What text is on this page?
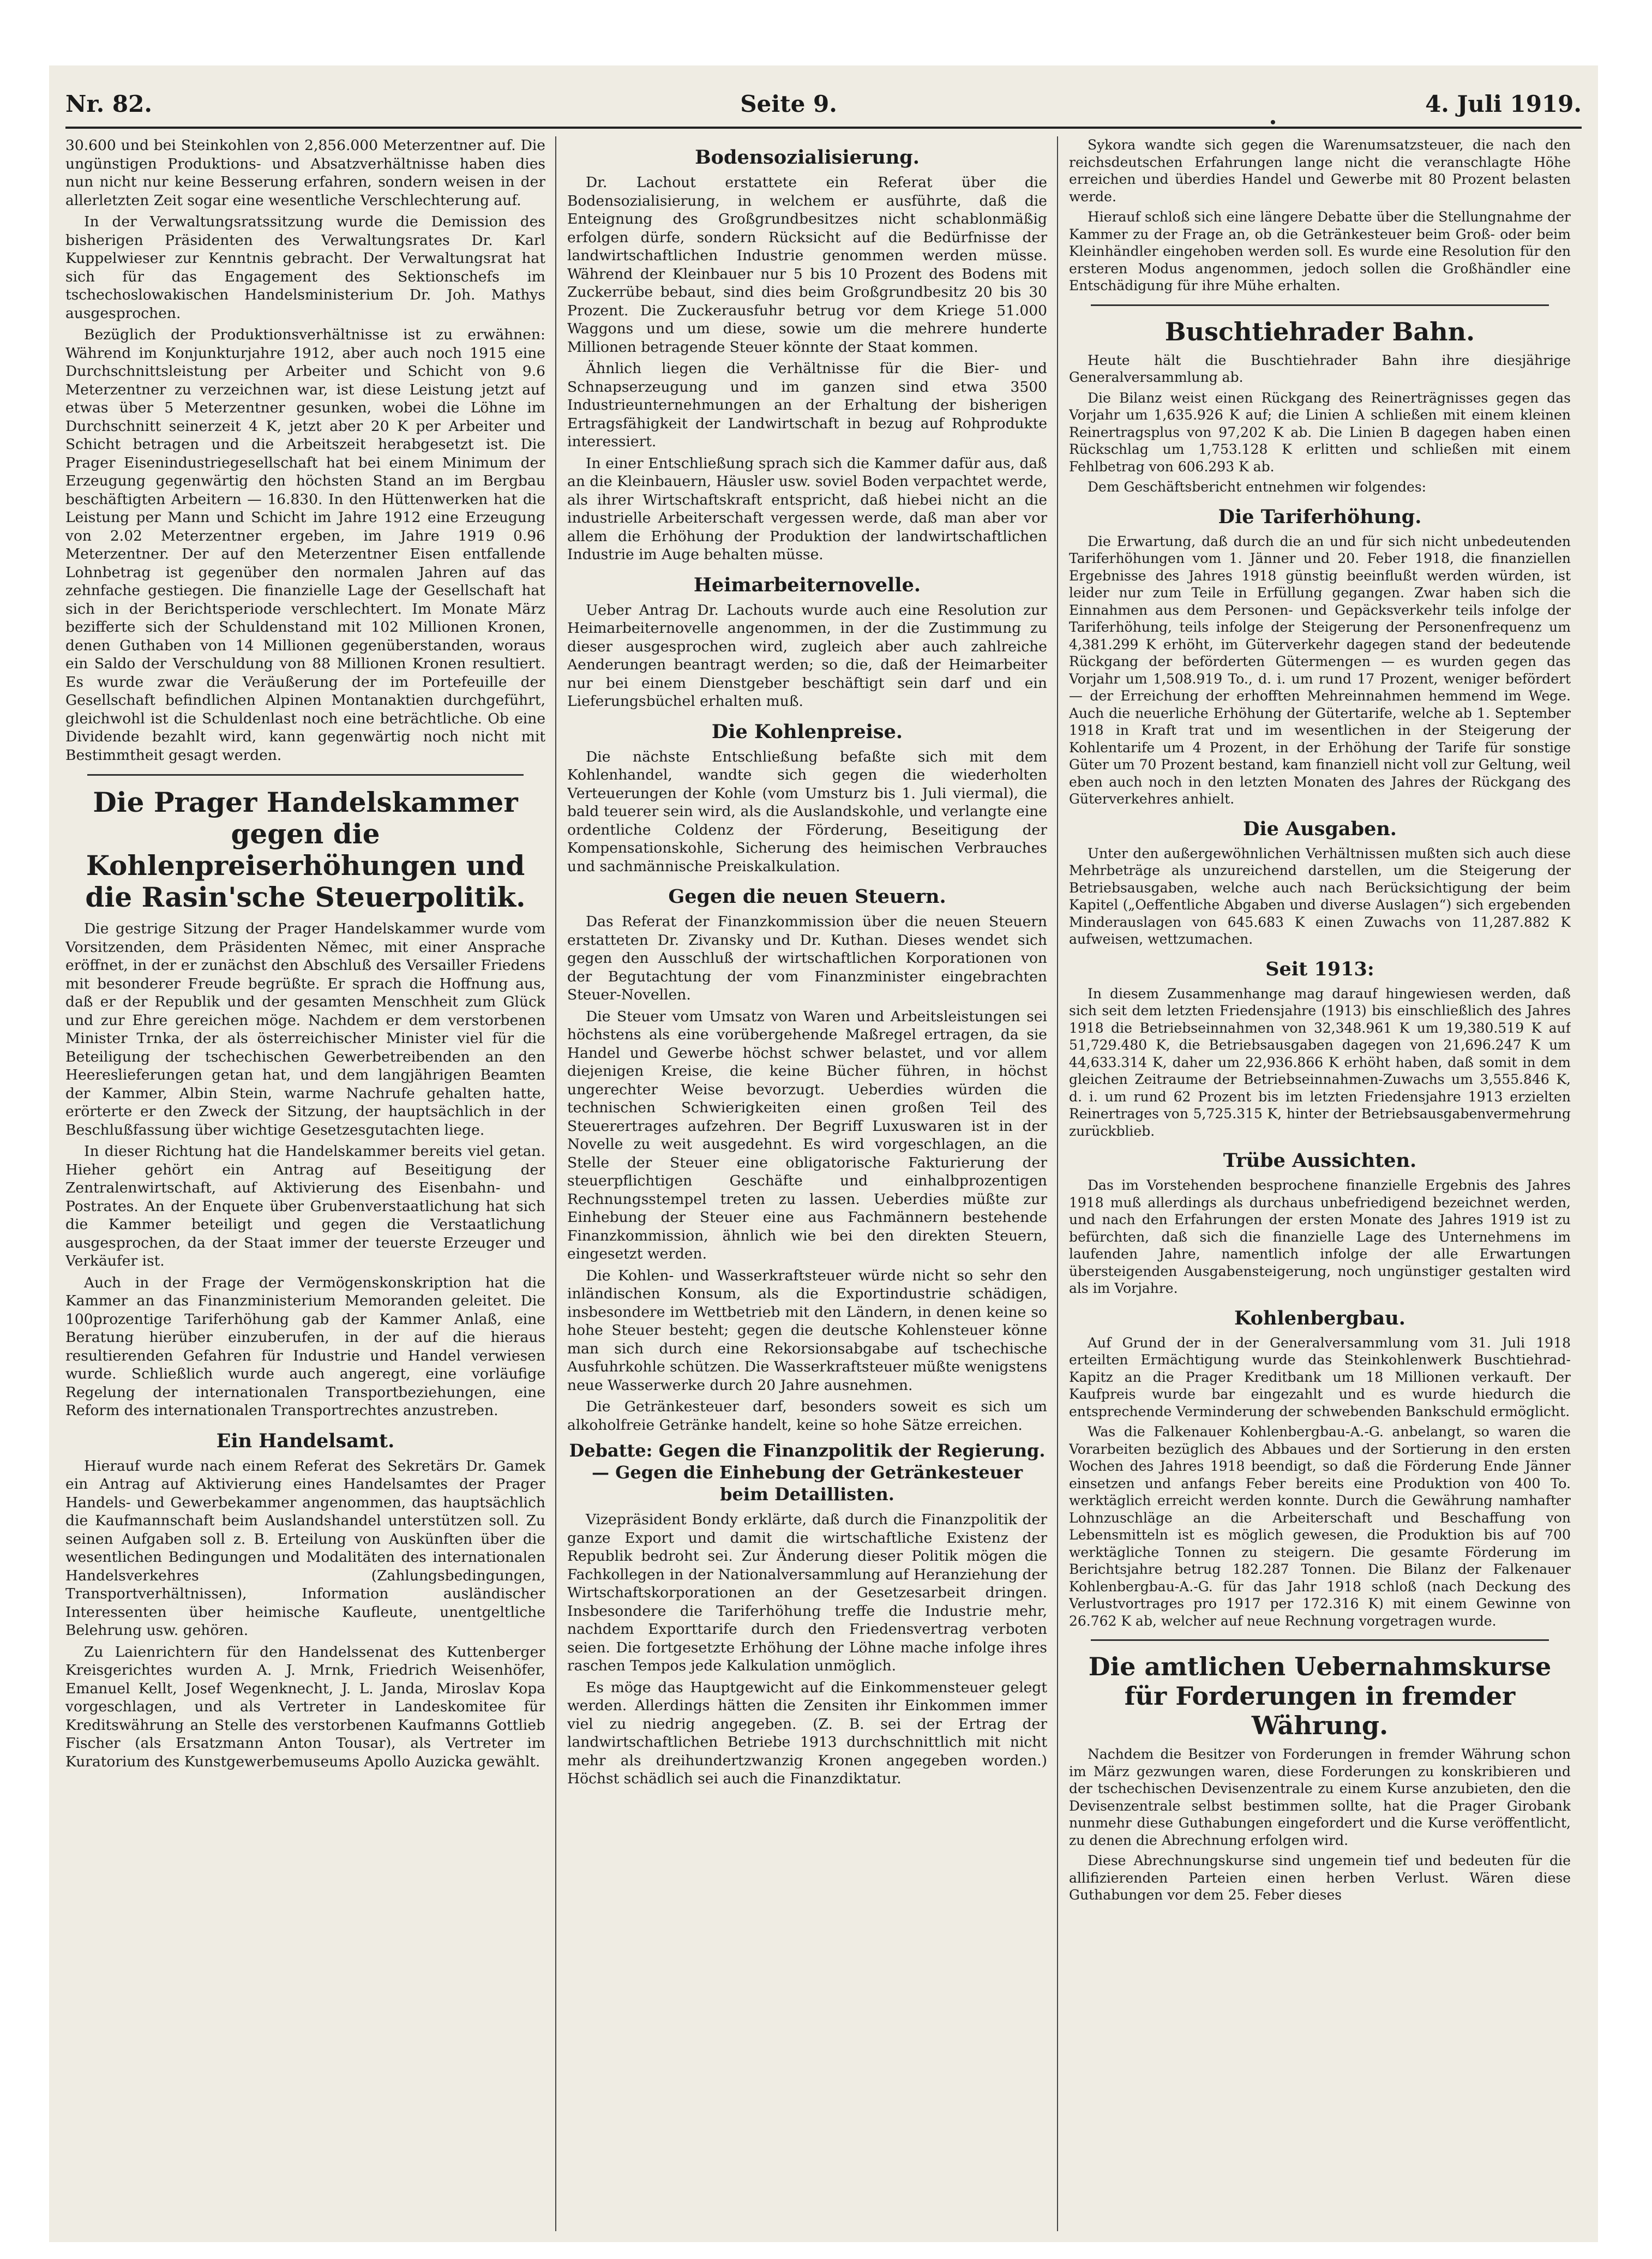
Nr. 82.	Seite 9.	4. Juli 1919.

30.600 und bei Steinkohlen von 2,856.000 Meterzentner auf. Die ungünstigen Produktions- und Absatzverhältnisse haben dies nun nicht nur keine Besserung erfahren, sondern weisen in der allerletzten Zeit sogar eine wesentliche Verschlechterung auf.

In der Verwaltungsratssitzung wurde die Demission des bisherigen Präsidenten des Verwaltungsrates Dr. Karl Kuppelwieser zur Kenntnis gebracht. Der Verwaltungsrat hat sich für das Engagement des Sektionschefs im tschechoslowakischen Handelsministerium Dr. Joh. Mathys ausgesprochen.

Bezüglich der Produktionsverhältnisse ist zu erwähnen: Während im Konjunkturjahre 1912, aber auch noch 1915 eine Durchschnittsleistung per Arbeiter und Schicht von 9.6 Meterzentner zu verzeichnen war, ist diese Leistung jetzt auf etwas über 5 Meterzentner gesunken, wobei die Löhne im Durchschnitt seinerzeit 4 K, jetzt aber 20 K per Arbeiter und Schicht betragen und die Arbeitszeit herabgesetzt ist. Die Prager Eisenindustriegesellschaft hat bei einem Minimum der Erzeugung gegenwärtig den höchsten Stand an im Bergbau beschäftigten Arbeitern — 16.830. In den Hüttenwerken hat die Leistung per Mann und Schicht im Jahre 1912 eine Erzeugung von 2.02 Meterzentner ergeben, im Jahre 1919 0.96 Meterzentner. Der auf den Meterzentner Eisen entfallende Lohnbetrag ist gegenüber den normalen Jahren auf das zehnfache gestiegen. Die finanzielle Lage der Gesellschaft hat sich in der Berichtsperiode verschlechtert. Im Monate März bezifferte sich der Schuldenstand mit 102 Millionen Kronen, denen Guthaben von 14 Millionen gegenüberstanden, woraus ein Saldo der Verschuldung von 88 Millionen Kronen resultiert. Es wurde zwar die Veräußerung der im Portefeuille der Gesellschaft befindlichen Alpinen Montanaktien durchgeführt, gleichwohl ist die Schuldenlast noch eine beträchtliche. Ob eine Dividende bezahlt wird, kann gegenwärtig noch nicht mit Bestimmtheit gesagt werden.

Die Prager Handelskammer gegen die Kohlenpreiserhöhungen und die Rasin'sche Steuerpolitik.

Die gestrige Sitzung der Prager Handelskammer wurde vom Vorsitzenden, dem Präsidenten Němec, mit einer Ansprache eröffnet, in der er zunächst den Abschluß des Versailler Friedens mit besonderer Freude begrüßte. Er sprach die Hoffnung aus, daß er der Republik und der gesamten Menschheit zum Glück und zur Ehre gereichen möge. Nachdem er dem verstorbenen Minister Trnka, der als österreichischer Minister viel für die Beteiligung der tschechischen Gewerbetreibenden an den Heereslieferungen getan hat, und dem langjährigen Beamten der Kammer, Albin Stein, warme Nachrufe gehalten hatte, erörterte er den Zweck der Sitzung, der hauptsächlich in der Beschlußfassung über wichtige Gesetzesgutachten liege.

In dieser Richtung hat die Handelskammer bereits viel getan. Hieher gehört ein Antrag auf Beseitigung der Zentralenwirtschaft, auf Aktivierung des Eisenbahn- und Postrates. An der Enquete über Grubenverstaatlichung hat sich die Kammer beteiligt und gegen die Verstaatlichung ausgesprochen, da der Staat immer der teuerste Erzeuger und Verkäufer ist.

Auch in der Frage der Vermögenskonskription hat die Kammer an das Finanzministerium Memoranden geleitet. Die 100prozentige Tariferhöhung gab der Kammer Anlaß, eine Beratung hierüber einzuberufen, in der auf die hieraus resultierenden Gefahren für Industrie und Handel verwiesen wurde. Schließlich wurde auch angeregt, eine vorläufige Regelung der internationalen Transportbeziehungen, eine Reform des internationalen Transportrechtes anzustreben.

Ein Handelsamt.

Hierauf wurde nach einem Referat des Sekretärs Dr. Gamek ein Antrag auf Aktivierung eines Handelsamtes der Prager Handels- und Gewerbekammer angenommen, das hauptsächlich die Kaufmannschaft beim Auslandshandel unterstützen soll. Zu seinen Aufgaben soll z. B. Erteilung von Auskünften über die wesentlichen Bedingungen und Modalitäten des internationalen Handelsverkehres (Zahlungsbedingungen, Transportverhältnissen), Information ausländischer Interessenten über heimische Kaufleute, unentgeltliche Belehrung usw. gehören.

Zu Laienrichtern für den Handelssenat des Kuttenberger Kreisgerichtes wurden A. J. Mrnk, Friedrich Weisenhöfer, Emanuel Kellt, Josef Wegenknecht, J. L. Janda, Miroslav Kopa vorgeschlagen, und als Vertreter in Landeskomitee für Kreditswährung an Stelle des verstorbenen Kaufmanns Gottlieb Fischer (als Ersatzmann Anton Tousar), als Vertreter im Kuratorium des Kunstgewerbemuseums Apollo Auzicka gewählt.

Bodensozialisierung.

Dr. Lachout erstattete ein Referat über die Bodensozialisierung, in welchem er ausführte, daß die Enteignung des Großgrundbesitzes nicht schablonmäßig erfolgen dürfe, sondern Rücksicht auf die Bedürfnisse der landwirtschaftlichen Industrie genommen werden müsse. Während der Kleinbauer nur 5 bis 10 Prozent des Bodens mit Zuckerrübe bebaut, sind dies beim Großgrundbesitz 20 bis 30 Prozent. Die Zuckerausfuhr betrug vor dem Kriege 51.000 Waggons und um diese, sowie um die mehrere hunderte Millionen betragende Steuer könnte der Staat kommen.

Ähnlich liegen die Verhältnisse für die Bier- und Schnapserzeugung und im ganzen sind etwa 3500 Industrieunternehmungen an der Erhaltung der bisherigen Ertragsfähigkeit der Landwirtschaft in bezug auf Rohprodukte interessiert.

In einer Entschließung sprach sich die Kammer dafür aus, daß an die Kleinbauern, Häusler usw. soviel Boden verpachtet werde, als ihrer Wirtschaftskraft entspricht, daß hiebei nicht an die industrielle Arbeiterschaft vergessen werde, daß man aber vor allem die Erhöhung der Produktion der landwirtschaftlichen Industrie im Auge behalten müsse.

Heimarbeiternovelle.

Ueber Antrag Dr. Lachouts wurde auch eine Resolution zur Heimarbeiternovelle angenommen, in der die Zustimmung zu dieser ausgesprochen wird, zugleich aber auch zahlreiche Aenderungen beantragt werden; so die, daß der Heimarbeiter nur bei einem Dienstgeber beschäftigt sein darf und ein Lieferungsbüchel erhalten muß.

Die Kohlenpreise.

Die nächste Entschließung befaßte sich mit dem Kohlenhandel, wandte sich gegen die wiederholten Verteuerungen der Kohle (vom Umsturz bis 1. Juli viermal), die bald teuerer sein wird, als die Auslandskohle, und verlangte eine ordentliche Coldenz der Förderung, Beseitigung der Kompensationskohle, Sicherung des heimischen Verbrauches und sachmännische Preiskalkulation.

Gegen die neuen Steuern.

Das Referat der Finanzkommission über die neuen Steuern erstatteten Dr. Zivansky und Dr. Kuthan. Dieses wendet sich gegen den Ausschluß der wirtschaftlichen Korporationen von der Begutachtung der vom Finanzminister eingebrachten Steuer-Novellen.

Die Steuer vom Umsatz von Waren und Arbeitsleistungen sei höchstens als eine vorübergehende Maßregel ertragen, da sie Handel und Gewerbe höchst schwer belastet, und vor allem diejenigen Kreise, die keine Bücher führen, in höchst ungerechter Weise bevorzugt. Ueberdies würden die technischen Schwierigkeiten einen großen Teil des Steuerertrages aufzehren. Der Begriff Luxuswaren ist in der Novelle zu weit ausgedehnt. Es wird vorgeschlagen, an die Stelle der Steuer eine obligatorische Fakturierung der steuerpflichtigen Geschäfte und einhalbprozentigen Rechnungsstempel treten zu lassen. Ueberdies müßte zur Einhebung der Steuer eine aus Fachmännern bestehende Finanzkommission, ähnlich wie bei den direkten Steuern, eingesetzt werden.

Die Kohlen- und Wasserkraftsteuer würde nicht so sehr den inländischen Konsum, als die Exportindustrie schädigen, insbesondere im Wettbetrieb mit den Ländern, in denen keine so hohe Steuer besteht; gegen die deutsche Kohlensteuer könne man sich durch eine Rekorsionsabgabe auf tschechische Ausfuhrkohle schützen. Die Wasserkraftsteuer müßte wenigstens neue Wasserwerke durch 20 Jahre ausnehmen.

Die Getränkesteuer darf, besonders soweit es sich um alkoholfreie Getränke handelt, keine so hohe Sätze erreichen.

Debatte: Gegen die Finanzpolitik der Regierung. — Gegen die Einhebung der Getränkesteuer beim Detaillisten.

Vizepräsident Bondy erklärte, daß durch die Finanzpolitik der ganze Export und damit die wirtschaftliche Existenz der Republik bedroht sei. Zur Änderung dieser Politik mögen die Fachkollegen in der Nationalversammlung auf Heranziehung der Wirtschaftskorporationen an der Gesetzesarbeit dringen. Insbesondere die Tariferhöhung treffe die Industrie mehr, nachdem Exporttarife durch den Friedensvertrag verboten seien. Die fortgesetzte Erhöhung der Löhne mache infolge ihres raschen Tempos jede Kalkulation unmöglich.

Es möge das Hauptgewicht auf die Einkommensteuer gelegt werden. Allerdings hätten die Zensiten ihr Einkommen immer viel zu niedrig angegeben. (Z. B. sei der Ertrag der landwirtschaftlichen Betriebe 1913 durchschnittlich mit nicht mehr als dreihundertzwanzig Kronen angegeben worden.) Höchst schädlich sei auch die Finanzdiktatur.

Sykora wandte sich gegen die Warenumsatzsteuer, die nach den reichsdeutschen Erfahrungen lange nicht die veranschlagte Höhe erreichen und überdies Handel und Gewerbe mit 80 Prozent belasten werde.

Hierauf schloß sich eine längere Debatte über die Stellungnahme der Kammer zu der Frage an, ob die Getränkesteuer beim Groß- oder beim Kleinhändler eingehoben werden soll. Es wurde eine Resolution für den ersteren Modus angenommen, jedoch sollen die Großhändler eine Entschädigung für ihre Mühe erhalten.

Buschtiehrader Bahn.

Heute hält die Buschtiehrader Bahn ihre diesjährige Generalversammlung ab.

Die Bilanz weist einen Rückgang des Reinerträgnisses gegen das Vorjahr um 1,635.926 K auf; die Linien A schließen mit einem kleinen Reinertragsplus von 97,202 K ab. Die Linien B dagegen haben einen Rückschlag um 1,753.128 K erlitten und schließen mit einem Fehlbetrag von 606.293 K ab.

Dem Geschäftsbericht entnehmen wir folgendes:

Die Tariferhöhung.

Die Erwartung, daß durch die an und für sich nicht unbedeutenden Tariferhöhungen vom 1. Jänner und 20. Feber 1918, die finanziellen Ergebnisse des Jahres 1918 günstig beeinflußt werden würden, ist leider nur zum Teile in Erfüllung gegangen. Zwar haben sich die Einnahmen aus dem Personen- und Gepäcksverkehr teils infolge der Tariferhöhung, teils infolge der Steigerung der Personenfrequenz um 4,381.299 K erhöht, im Güterverkehr dagegen stand der bedeutende Rückgang der beförderten Gütermengen — es wurden gegen das Vorjahr um 1,508.919 To., d. i. um rund 17 Prozent, weniger befördert — der Erreichung der erhofften Mehreinnahmen hemmend im Wege. Auch die neuerliche Erhöhung der Gütertarife, welche ab 1. September 1918 in Kraft trat und im wesentlichen in der Steigerung der Kohlentarife um 4 Prozent, in der Erhöhung der Tarife für sonstige Güter um 70 Prozent bestand, kam finanziell nicht voll zur Geltung, weil eben auch noch in den letzten Monaten des Jahres der Rückgang des Güterverkehres anhielt.

Die Ausgaben.

Unter den außergewöhnlichen Verhältnissen mußten sich auch diese Mehrbeträge als unzureichend darstellen, um die Steigerung der Betriebsausgaben, welche auch nach Berücksichtigung der beim Kapitel („Oeffentliche Abgaben und diverse Auslagen“) sich ergebenden Minderauslagen von 645.683 K einen Zuwachs von 11,287.882 K aufweisen, wettzumachen.

Seit 1913:

In diesem Zusammenhange mag darauf hingewiesen werden, daß sich seit dem letzten Friedensjahre (1913) bis einschließlich des Jahres 1918 die Betriebseinnahmen von 32,348.961 K um 19,380.519 K auf 51,729.480 K, die Betriebsausgaben dagegen von 21,696.247 K um 44,633.314 K, daher um 22,936.866 K erhöht haben, daß somit in dem gleichen Zeitraume der Betriebseinnahmen-Zuwachs um 3,555.846 K, d. i. um rund 62 Prozent bis im letzten Friedensjahre 1913 erzielten Reinertrages von 5,725.315 K, hinter der Betriebsausgabenvermehrung zurückblieb.

Trübe Aussichten.

Das im Vorstehenden besprochene finanzielle Ergebnis des Jahres 1918 muß allerdings als durchaus unbefriedigend bezeichnet werden, und nach den Erfahrungen der ersten Monate des Jahres 1919 ist zu befürchten, daß sich die finanzielle Lage des Unternehmens im laufenden Jahre, namentlich infolge der alle Erwartungen übersteigenden Ausgabensteigerung, noch ungünstiger gestalten wird als im Vorjahre.

Kohlenbergbau.

Auf Grund der in der Generalversammlung vom 31. Juli 1918 erteilten Ermächtigung wurde das Steinkohlenwerk Buschtiehrad-Kapitz an die Prager Kreditbank um 18 Millionen verkauft. Der Kaufpreis wurde bar eingezahlt und es wurde hiedurch die entsprechende Verminderung der schwebenden Bankschuld ermöglicht.

Was die Falkenauer Kohlenbergbau-A.-G. anbelangt, so waren die Vorarbeiten bezüglich des Abbaues und der Sortierung in den ersten Wochen des Jahres 1918 beendigt, so daß die Förderung Ende Jänner einsetzen und anfangs Feber bereits eine Produktion von 400 To. werktäglich erreicht werden konnte. Durch die Gewährung namhafter Lohnzuschläge an die Arbeiterschaft und Beschaffung von Lebensmitteln ist es möglich gewesen, die Produktion bis auf 700 werktägliche Tonnen zu steigern. Die gesamte Förderung im Berichtsjahre betrug 182.287 Tonnen. Die Bilanz der Falkenauer Kohlenbergbau-A.-G. für das Jahr 1918 schloß (nach Deckung des Verlustvortrages pro 1917 per 172.316 K) mit einem Gewinne von 26.762 K ab, welcher auf neue Rechnung vorgetragen wurde.

Die amtlichen Uebernahmskurse für Forderungen in fremder Währung.

Nachdem die Besitzer von Forderungen in fremder Währung schon im März gezwungen waren, diese Forderungen zu konskribieren und der tschechischen Devisenzentrale zu einem Kurse anzubieten, den die Devisenzentrale selbst bestimmen sollte, hat die Prager Girobank nunmehr diese Guthabungen eingefordert und die Kurse veröffentlicht, zu denen die Abrechnung erfolgen wird.

Diese Abrechnungskurse sind ungemein tief und bedeuten für die allifizierenden Parteien einen herben Verlust. Wären diese Guthabungen vor dem 25. Feber dieses
